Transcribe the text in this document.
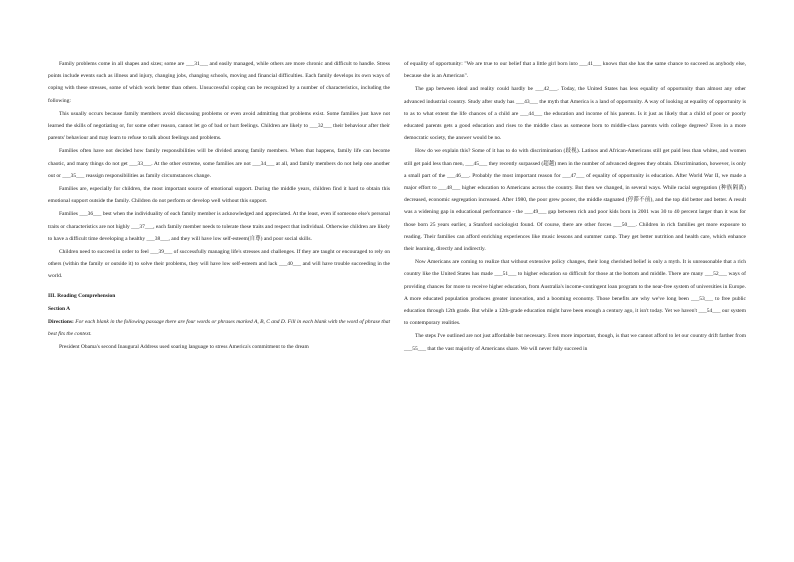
Family problems come in all shapes and sizes; some are ___31___ and easily managed, while others are more chronic and difficult to handle. Stress points include events such as illness and injury, changing jobs, changing schools, moving and financial difficulties. Each family develops its own ways of coping with these stresses, some of which work better than others. Unsuccessful coping can be recognized by a number of characteristics, including the following:

This usually occurs because family members avoid discussing problems or even avoid admitting that problems exist. Some families just have not learned the skills of negotiating or, for some other reason, cannot let go of bad or hurt feelings. Children are likely to ___32___ their behaviour after their parents' behaviour and may learn to refuse to talk about feelings and problems.

Families often have not decided how family responsibilities will be divided among family members. When that happens, family life can become chaotic, and many things do not get ___33___. At the other extreme, some families are not ___34___ at all, and family members do not help one another out or ___35___ reassign responsibilities as family circumstances change.

Families are, especially for children, the most important source of emotional support. During the middle years, children find it hard to obtain this emotional support outside the family. Children do not perform or develop well without this support.

Families ___36___ best when the individuality of each family member is acknowledged and appreciated. At the least, even if someone else's personal traits or characteristics are not highly ___37___, each family member needs to tolerate these traits and respect that individual. Otherwise children are likely to have a difficult time developing a healthy ___38___, and they will have low self-esteem(自尊) and poor social skills.

Children need to succeed in order to feel ___39___ of successfully managing life's stresses and challenges. If they are taught or encouraged to rely on others (within the family or outside it) to solve their problems, they will have low self-esteem and lack ___40___ and will have trouble succeeding in the world.

III. Reading Comprehension

Section A

Directions: For each blank in the following passage there are four words or phrases marked A, B, C and D. Fill in each blank with the word of phrase that best fits the context.

President Obama's second Inaugural Address used soaring language to stress America's commitment to the dream

of equality of opportunity: "We are true to our belief that a little girl born into ___41___ knows that she has the same chance to succeed as anybody else, because she is an American".

The gap between ideal and reality could hardly be ___42___. Today, the United States has less equality of opportunity than almost any other advanced industrial country. Study after study has ___43___ the myth that America is a land of opportunity. A way of looking at equality of opportunity is to as to what extent the life chances of a child are ___44___ the education and income of his parents. Is it just as likely that a child of poor or poorly educated parents gets a good education and rises to the middle class as someone born to middle-class parents with college degrees? Even in a more democratic society, the answer would be no.

How do we explain this? Some of it has to do with discrimination (歧视). Latinos and African-Americans still get paid less than whites, and women still get paid less than men, ___45___ they recently surpassed (超越) men in the number of advanced degrees they obtain. Discrimination, however, is only a small part of the ___46___. Probably the most important reason for ___47___ of equality of opportunity is education. After World War II, we made a major effort to ___48___ higher education to Americans across the country. But then we changed, in several ways. While racial segregation (种族隔离) decreased, economic segregation increased. After 1980, the poor grew poorer, the middle stagnated (停滞不前), and the top did better and better. A result was a widening gap in educational performance - the ___49___ gap between rich and poor kids born in 2001 was 30 to 40 percent larger than it was for those born 25 years earlier, a Stanford sociologist found. Of course, there are other forces ___50___. Children in rich families get more exposure to reading. Their families can afford enriching experiences like music lessons and summer camp. They get better nutrition and health care, which enhance their learning, directly and indirectly.

Now Americans are coming to realize that without extensive policy changes, their long cherished belief is only a myth. It is unreasonable that a rich country like the United States has made ___51___ to higher education so difficult for those at the bottom and middle. There are many ___52___ ways of providing chances for more to receive higher education, from Australia's income-contingent loan program to the near-free system of universities in Europe. A more educated population produces greater innovation, and a booming economy. Those benefits are why we've long been ___53___ to free public education through 12th grade. But while a 12th-grade education might have been enough a century ago, it isn't today. Yet we haven't ___54___ our system to contemporary realities.

The steps I've outlined are not just affordable but necessary. Even more important, though, is that we cannot afford to let our country drift farther from ___55___ that the vast majority of Americans share. We will never fully succeed in
